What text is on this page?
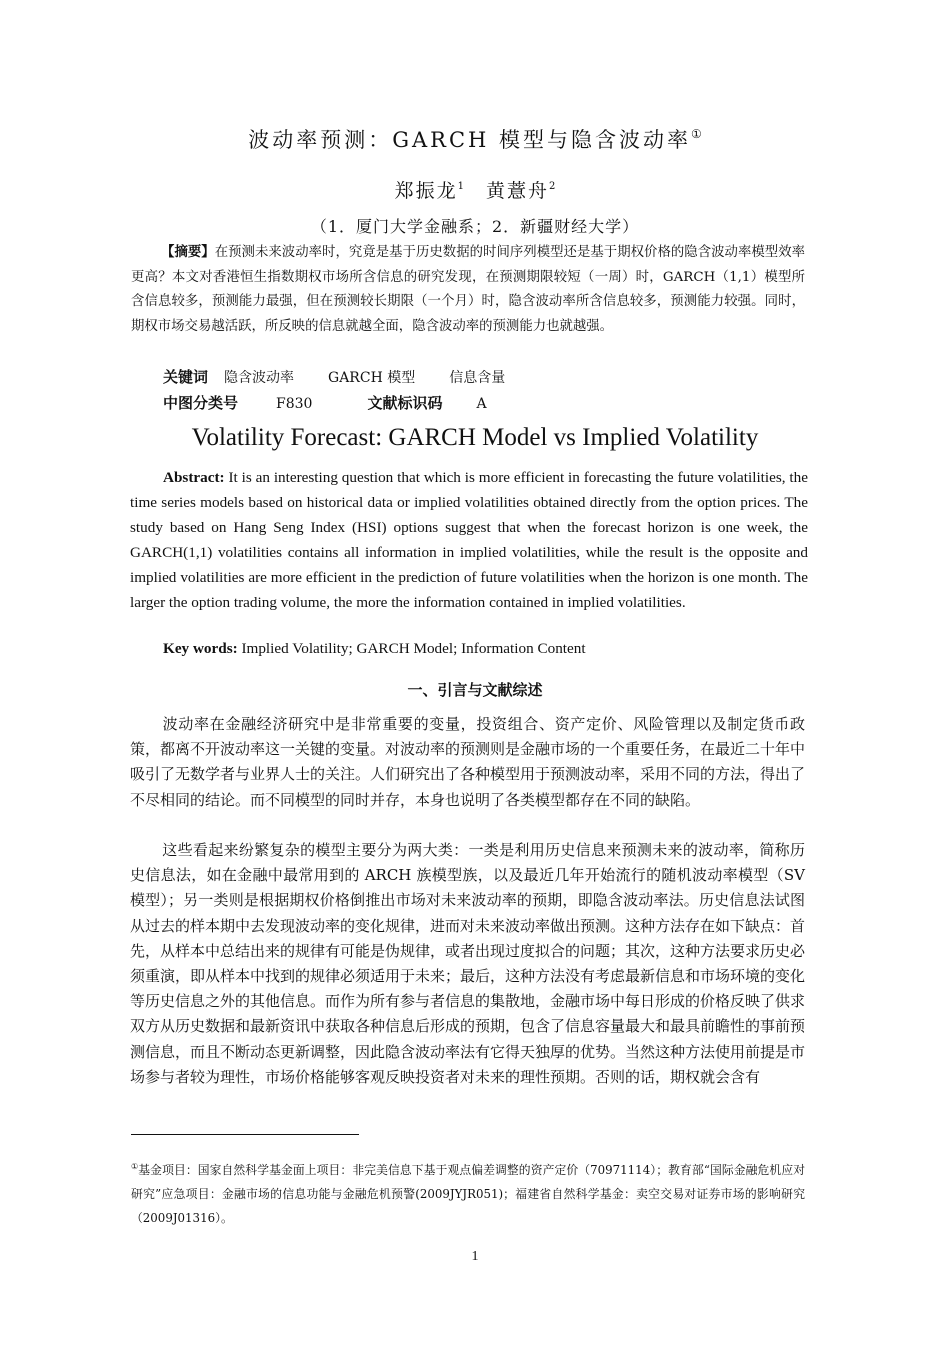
波动率预测：GARCH 模型与隐含波动率①
郑振龙$^1$ 黄薏舟$^2$
（1．厦门大学金融系；2．新疆财经大学）
【摘要】在预测未来波动率时，究竟是基于历史数据的时间序列模型还是基于期权价格的隐含波动率模型效率更高？本文对香港恒生指数期权市场所含信息的研究发现，在预测期限较短（一周）时，GARCH（1,1）模型所含信息较多，预测能力最强，但在预测较长期限（一个月）时，隐含波动率所含信息较多，预测能力较强。同时，期权市场交易越活跃，所反映的信息就越全面，隐含波动率的预测能力也就越强。
关键词 隐含波动率 GARCH 模型 信息含量
中图分类号	F830	文献标识码 A
Volatility Forecast: GARCH Model vs Implied Volatility
Abstract: It is an interesting question that which is more efficient in forecasting the future volatilities, the time series models based on historical data or implied volatilities obtained directly from the option prices. The study based on Hang Seng Index (HSI) options suggest that when the forecast horizon is one week, the GARCH(1,1) volatilities contains all information in implied volatilities, while the result is the opposite and implied volatilities are more efficient in the prediction of future volatilities when the horizon is one month. The larger the option trading volume, the more the information contained in implied volatilities.
Key words: Implied Volatility; GARCH Model; Information Content
一、引言与文献综述
波动率在金融经济研究中是非常重要的变量，投资组合、资产定价、风险管理以及制定货币政策，都离不开波动率这一关键的变量。对波动率的预测则是金融市场的一个重要任务，在最近二十年中吸引了无数学者与业界人士的关注。人们研究出了各种模型用于预测波动率，采用不同的方法，得出了不尽相同的结论。而不同模型的同时并存，本身也说明了各类模型都存在不同的缺陷。
这些看起来纷繁复杂的模型主要分为两大类：一类是利用历史信息来预测未来的波动率，简称历史信息法，如在金融中最常用到的 ARCH 族模型族，以及最近几年开始流行的随机波动率模型（SV 模型）；另一类则是根据期权价格倒推出市场对未来波动率的预期，即隐含波动率法。历史信息法试图从过去的样本期中去发现波动率的变化规律，进而对未来波动率做出预测。这种方法存在如下缺点：首先，从样本中总结出来的规律有可能是伪规律，或者出现过度拟合的问题；其次，这种方法要求历史必须重演，即从样本中找到的规律必须适用于未来；最后，这种方法没有考虑最新信息和市场环境的变化等历史信息之外的其他信息。而作为所有参与者信息的集散地，金融市场中每日形成的价格反映了供求双方从历史数据和最新资讯中获取各种信息后形成的预期，包含了信息容量最大和最具前瞻性的事前预测信息，而且不断动态更新调整，因此隐含波动率法有它得天独厚的优势。当然这种方法使用前提是市场参与者较为理性，市场价格能够客观反映投资者对未来的理性预期。否则的话，期权就会含有
①基金项目：国家自然科学基金面上项目：非完美信息下基于观点偏差调整的资产定价（70971114）；教育部“国际金融危机应对研究”应急项目：金融市场的信息功能与金融危机预警(2009JYJR051)；福建省自然科学基金：卖空交易对证券市场的影响研究（2009J01316）。
1
